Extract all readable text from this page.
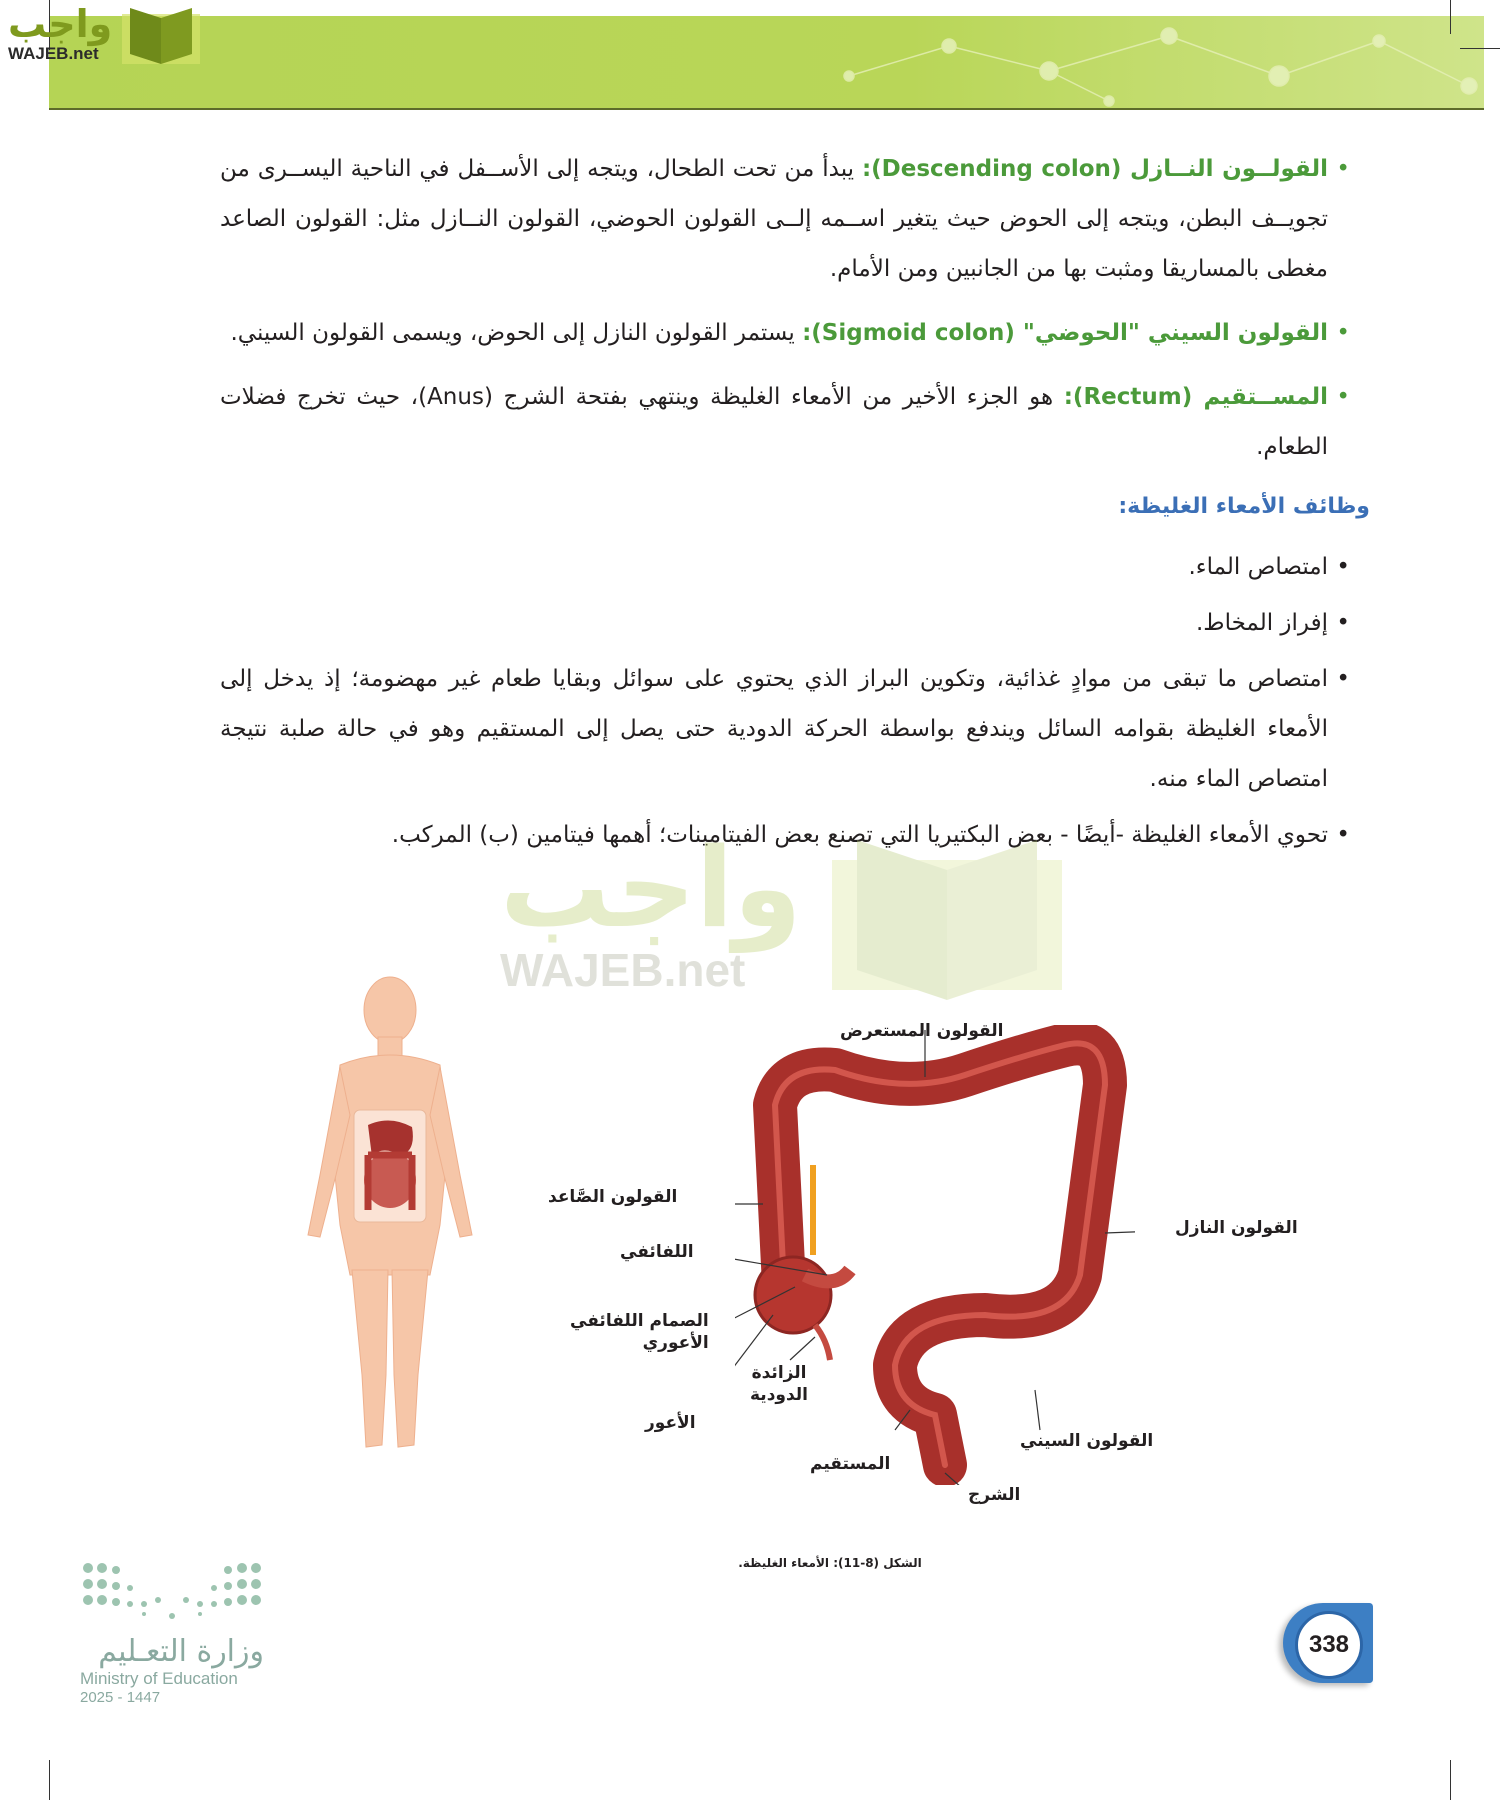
واجب
WAJEB.net
• القولــون النــازل (Descending colon): يبدأ من تحت الطحال، ويتجه إلى الأســفل في الناحية اليســرى من تجويــف البطن، ويتجه إلى الحوض حيث يتغير اســمه إلــى القولون الحوضي، القولون النــازل مثل: القولون الصاعد مغطى بالمساريقا ومثبت بها من الجانبين ومن الأمام.
• القولون السيني "الحوضي" (Sigmoid colon): يستمر القولون النازل إلى الحوض، ويسمى القولون السيني.
• المســتقيم (Rectum): هو الجزء الأخير من الأمعاء الغليظة وينتهي بفتحة الشرج (Anus)، حيث تخرج فضلات الطعام.
وظائف الأمعاء الغليظة:
• امتصاص الماء.
• إفراز المخاط.
• امتصاص ما تبقى من موادٍ غذائية، وتكوين البراز الذي يحتوي على سوائل وبقايا طعام غير مهضومة؛ إذ يدخل إلى الأمعاء الغليظة بقوامه السائل ويندفع بواسطة الحركة الدودية حتى يصل إلى المستقيم وهو في حالة صلبة نتيجة امتصاص الماء منه.
• تحوي الأمعاء الغليظة -أيضًا - بعض البكتيريا التي تصنع بعض الفيتامينات؛ أهمها فيتامين (ب) المركب.
واجب
WAJEB.net
القولون المستعرض
القولون الصَّاعد
اللفائفي
الصمام اللفائفي
الأعوري
الزائدة
الدودية
الأعور
المستقيم
الشرج
القولون السيني
القولون النازل
الشكل (8-11): الأمعاء الغليظة.
وزارة التعـليم
Ministry of Education
2025 - 1447
338
